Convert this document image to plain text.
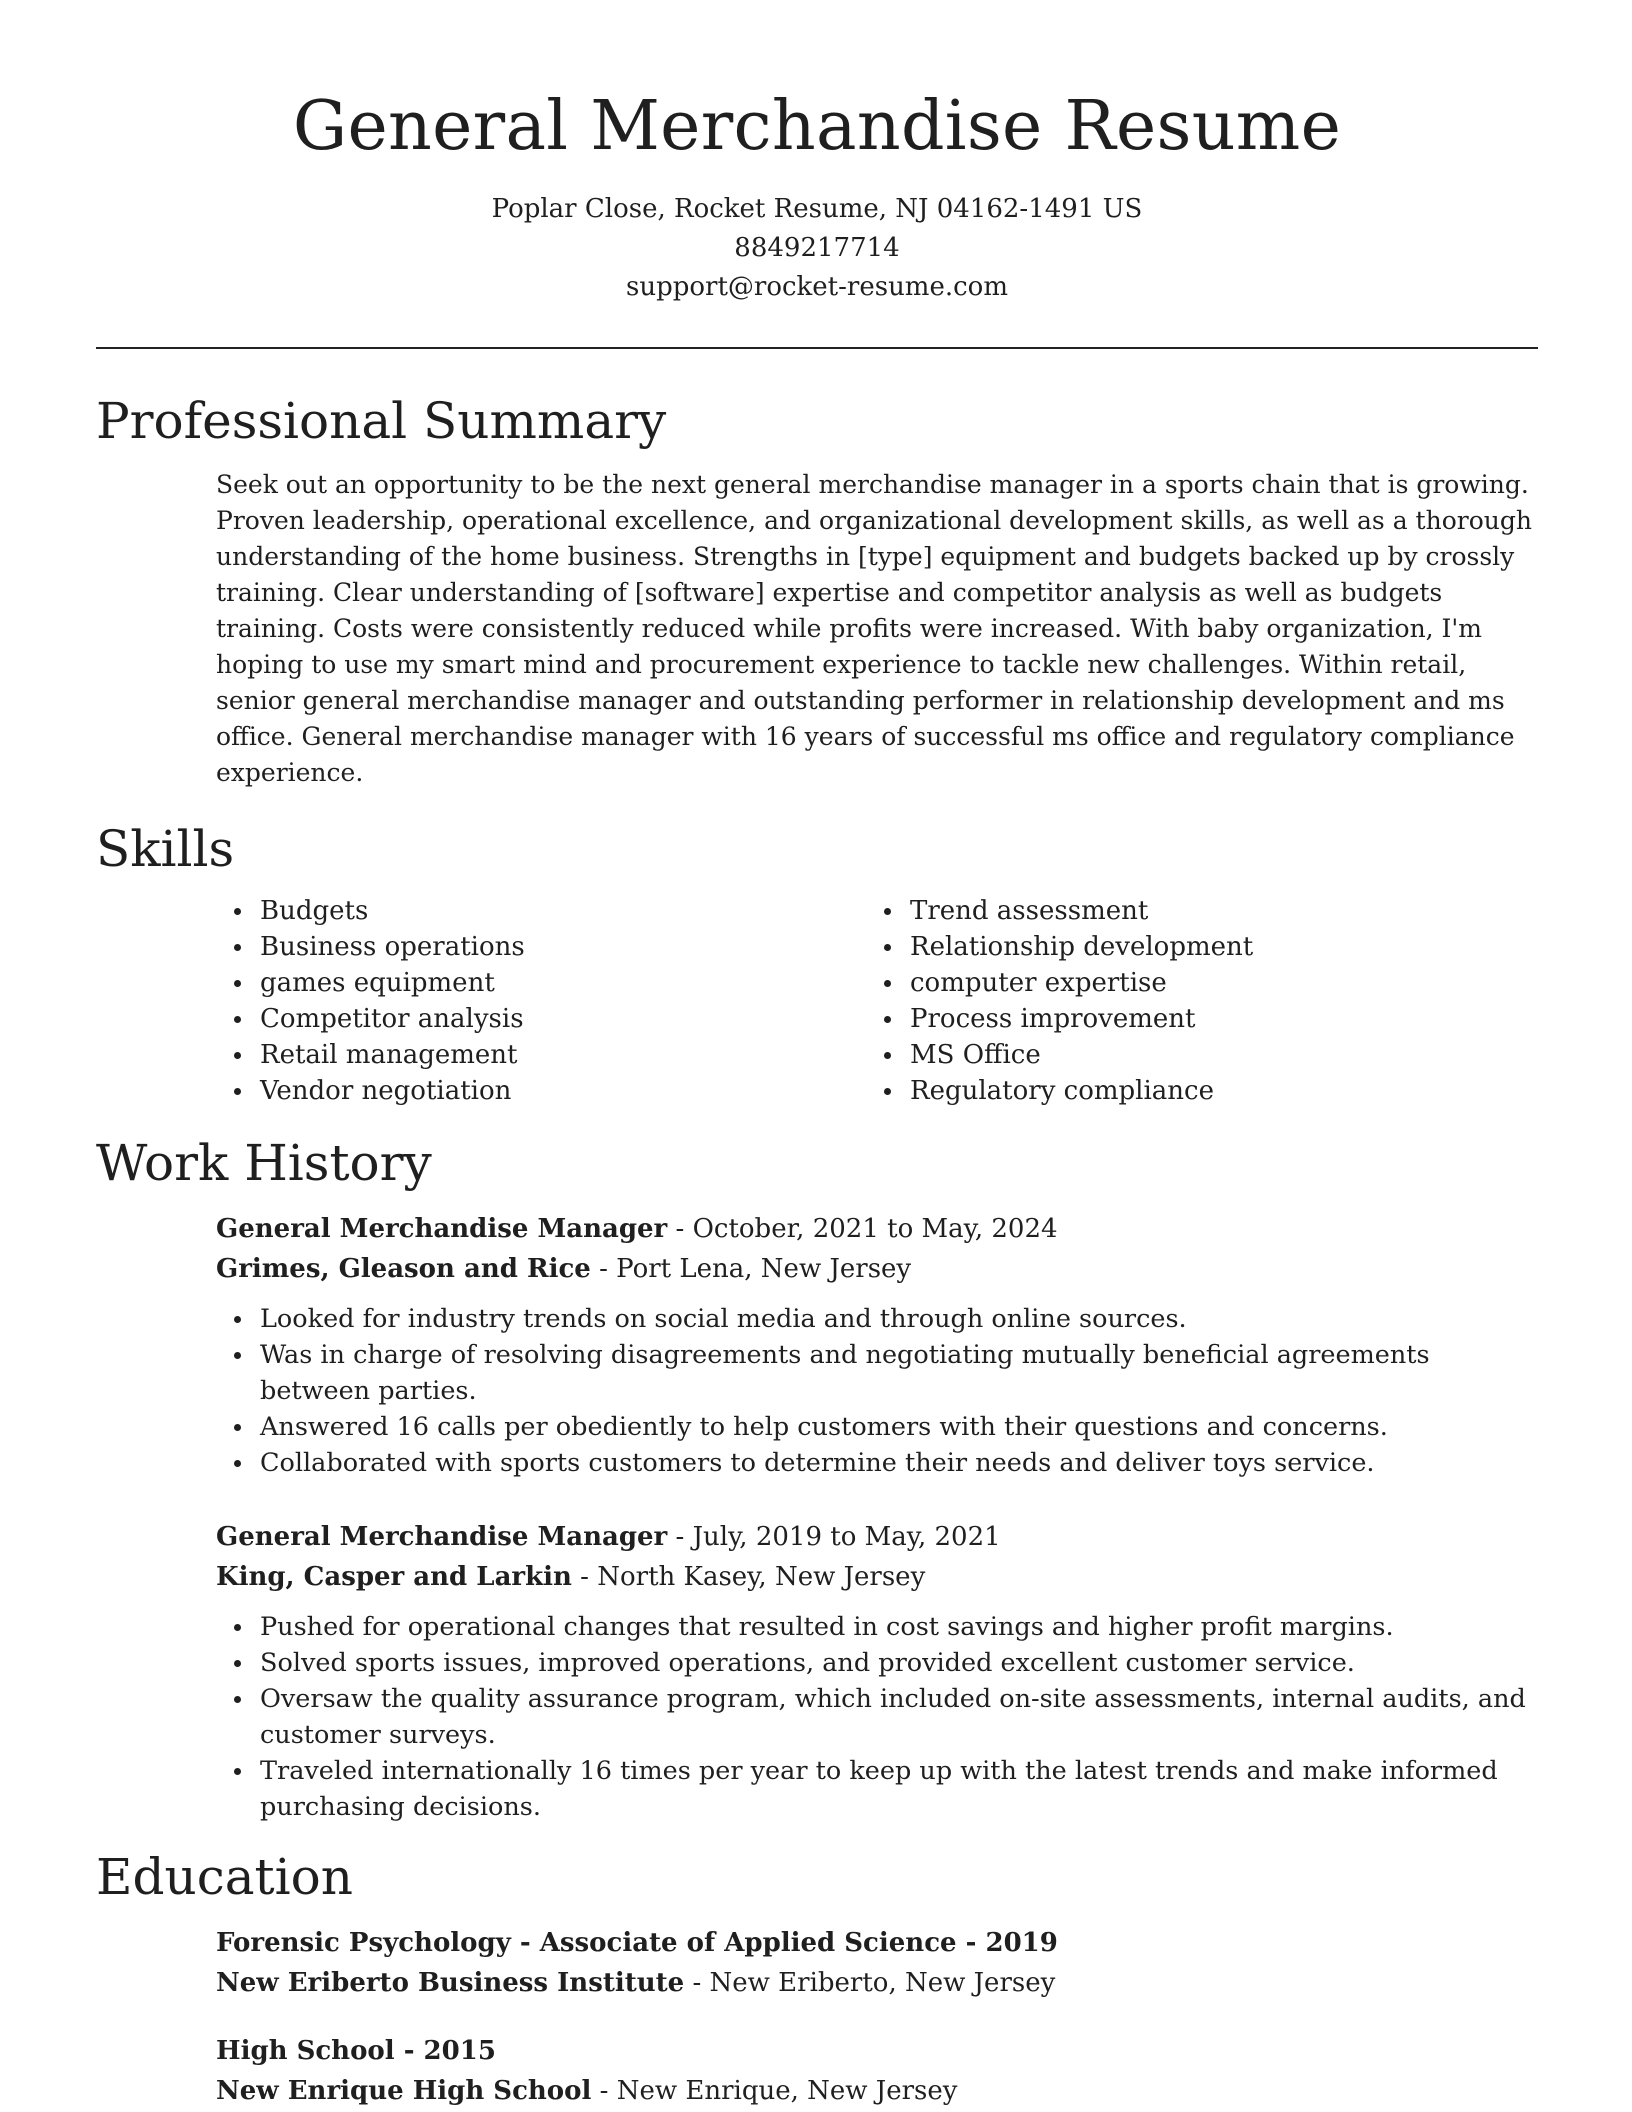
General Merchandise Resume
Poplar Close, Rocket Resume, NJ 04162-1491 US
8849217714
support@rocket-resume.com
Professional Summary
Seek out an opportunity to be the next general merchandise manager in a sports chain that is growing. Proven leadership, operational excellence, and organizational development skills, as well as a thorough understanding of the home business. Strengths in [type] equipment and budgets backed up by crossly training. Clear understanding of [software] expertise and competitor analysis as well as budgets training. Costs were consistently reduced while profits were increased. With baby organization, I'm hoping to use my smart mind and procurement experience to tackle new challenges. Within retail, senior general merchandise manager and outstanding performer in relationship development and ms office. General merchandise manager with 16 years of successful ms office and regulatory compliance experience.
Skills
Budgets
Business operations
games equipment
Competitor analysis
Retail management
Vendor negotiation
Trend assessment
Relationship development
computer expertise
Process improvement
MS Office
Regulatory compliance
Work History
General Merchandise Manager - October, 2021 to May, 2024
Grimes, Gleason and Rice - Port Lena, New Jersey
Looked for industry trends on social media and through online sources.
Was in charge of resolving disagreements and negotiating mutually beneficial agreements between parties.
Answered 16 calls per obediently to help customers with their questions and concerns.
Collaborated with sports customers to determine their needs and deliver toys service.
General Merchandise Manager - July, 2019 to May, 2021
King, Casper and Larkin - North Kasey, New Jersey
Pushed for operational changes that resulted in cost savings and higher profit margins.
Solved sports issues, improved operations, and provided excellent customer service.
Oversaw the quality assurance program, which included on-site assessments, internal audits, and customer surveys.
Traveled internationally 16 times per year to keep up with the latest trends and make informed purchasing decisions.
Education
Forensic Psychology - Associate of Applied Science - 2019
New Eriberto Business Institute - New Eriberto, New Jersey
High School - 2015
New Enrique High School - New Enrique, New Jersey
